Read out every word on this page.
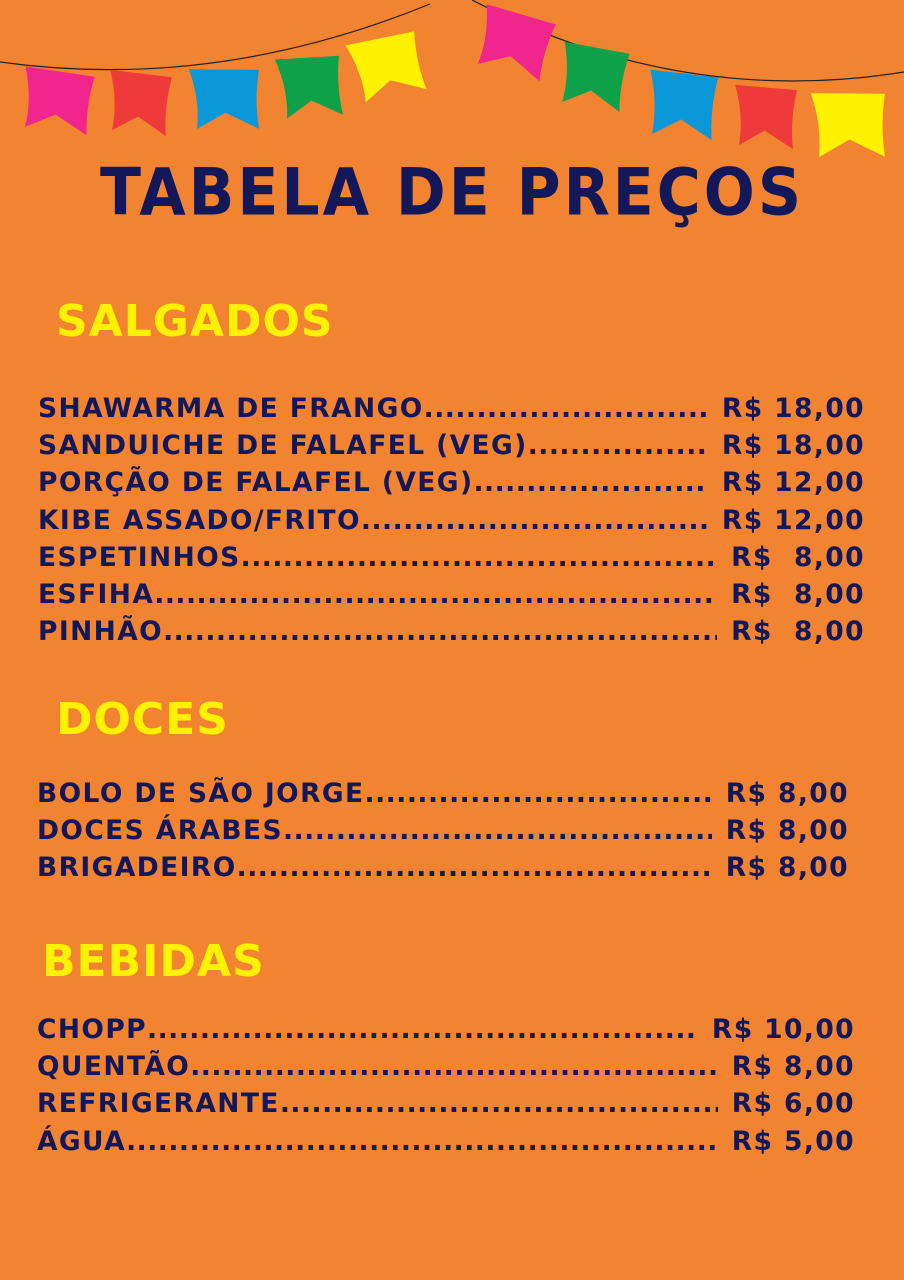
TABELA DE PREÇOS
SALGADOS
SHAWARMA DE FRANGO .....	R$ 18,00
SANDUICHE DE FALAFEL (VEG) .....	R$ 18,00
PORÇÃO DE FALAFEL (VEG) .....	R$ 12,00
KIBE ASSADO/FRITO .....	R$ 12,00
ESPETINHOS .....	R$  8,00
ESFIHA .....	R$  8,00
PINHÃO .....	R$  8,00
DOCES
BOLO DE SÃO JORGE .....	R$ 8,00
DOCES ÁRABES .....	R$ 8,00
BRIGADEIRO .....	R$ 8,00
BEBIDAS
CHOPP .....	R$ 10,00
QUENTÃO .....	R$ 8,00
REFRIGERANTE .....	R$ 6,00
ÁGUA .....	R$ 5,00
